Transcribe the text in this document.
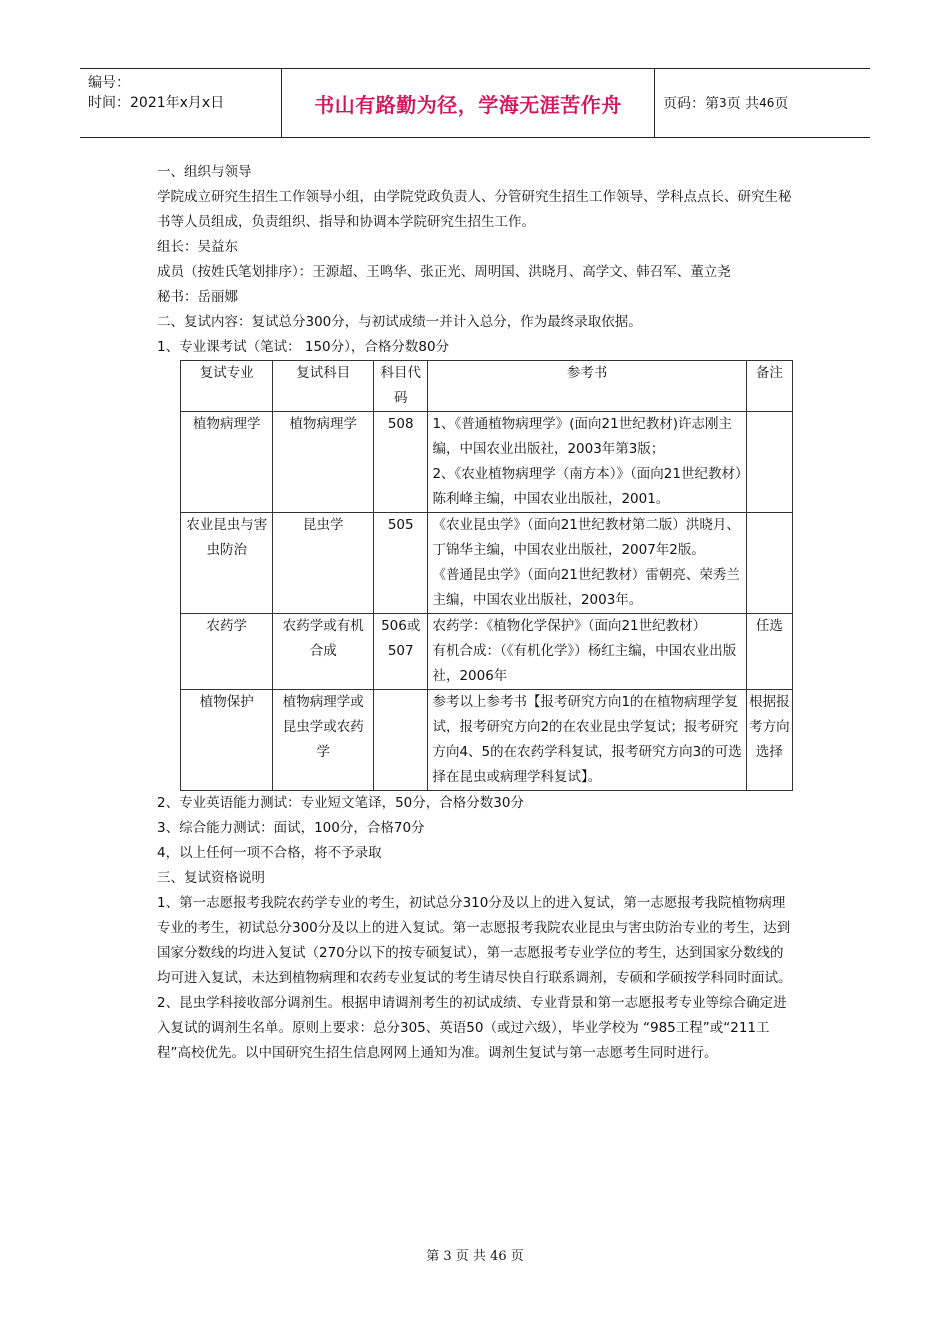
编号：
时间：2021年x月x日	书山有路勤为径，学海无涯苦作舟	页码：第 3 页 共 46 页

一、组织与领导

学院成立研究生招生工作领导小组，由学院党政负责人、分管研究生招生工作领导、学科点点长、研究生秘书等人员组成，负责组织、指导和协调本学院研究生招生工作。

组长：吴益东

成员（按姓氏笔划排序）：王源超、王鸣华、张正光、周明国、洪晓月、高学文、韩召军、董立尧

秘书：岳丽娜

二、复试内容：复试总分300分，与初试成绩一并计入总分，作为最终录取依据。

1、专业课考试（笔试： 150分），合格分数80分

复试专业	复试科目	科目代码	参考书	备注
植物病理学	植物病理学	508	1、《普通植物病理学》(面向21世纪教材)许志刚主编，中国农业出版社，2003年第3版；
2、《农业植物病理学（南方本）》（面向21世纪教材）陈利峰主编，中国农业出版社，2001。	

农业昆虫与害虫防治	昆虫学	505	《农业昆虫学》（面向21世纪教材第二版）洪晓月、丁锦华主编，中国农业出版社，2007年2版。
《普通昆虫学》（面向21世纪教材）雷朝亮、荣秀兰主编，中国农业出版社，2003年。	

农药学	农药学或有机合成	506或507	农药学：《植物化学保护》（面向21世纪教材）
有机合成：（《有机化学》）杨红主编，中国农业出版社，2006年	任选
植物保护	植物病理学或昆虫学或农药学		参考以上参考书【报考研究方向1的在植物病理学复试，报考研究方向2的在农业昆虫学复试；报考研究方向4、5的在农药学科复试，报考研究方向3的可选择在昆虫或病理学科复试】。	根据报考方向选择

2、专业英语能力测试：专业短文笔译，50分，合格分数30分

3、综合能力测试：面试，100分，合格70分

4，以上任何一项不合格，将不予录取

三、复试资格说明

1、第一志愿报考我院农药学专业的考生，初试总分310分及以上的进入复试，第一志愿报考我院植物病理专业的考生，初试总分300分及以上的进入复试。第一志愿报考我院农业昆虫与害虫防治专业的考生，达到国家分数线的均进入复试（270分以下的按专硕复试），第一志愿报考专业学位的考生，达到国家分数线的均可进入复试，未达到植物病理和农药专业复试的考生请尽快自行联系调剂，专硕和学硕按学科同时面试。

2、昆虫学科接收部分调剂生。根据申请调剂考生的初试成绩、专业背景和第一志愿报考专业等综合确定进入复试的调剂生名单。原则上要求：总分305、英语50（或过六级），毕业学校为 “985工程”或“211工程”高校优先。以中国研究生招生信息网网上通知为准。调剂生复试与第一志愿考生同时进行。

第 3 页 共 46 页
